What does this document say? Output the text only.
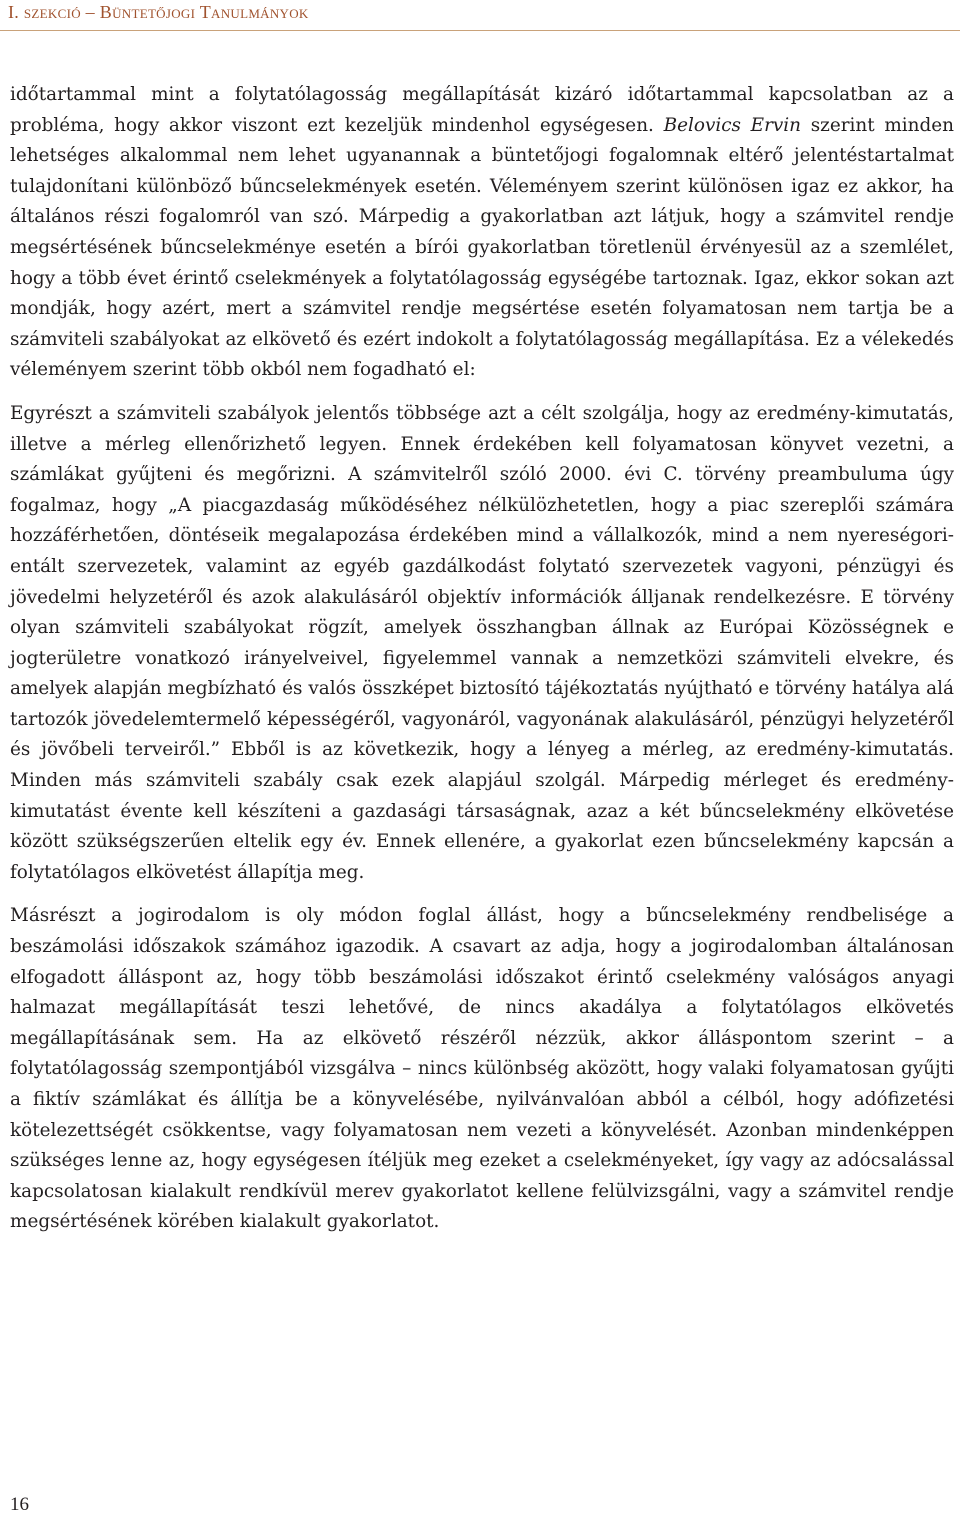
I. szekció – Büntetőjogi Tanulmányok

időtartammal mint a folytatólagosság megállapítását kizáró időtartammal kapcsolatban az a probléma, hogy akkor viszont ezt kezeljük mindenhol egységesen. Belovics Ervin szerint minden lehetséges alkalommal nem lehet ugyanannak a büntetőjogi fogalomnak eltérő jelentéstartalmat tulajdonítani különböző bűncselekmények esetén. Véleményem szerint különösen igaz ez akkor, ha általános részi fogalomról van szó. Márpedig a gyakorlatban azt látjuk, hogy a számvitel rendje megsértésének bűncselekménye esetén a bírói gyakorlatban töretlenül érvényesül az a szemlélet, hogy a több évet érintő cselekmények a folytatólagosság egységébe tartoznak. Igaz, ekkor sokan azt mondják, hogy azért, mert a számvitel rendje megsértése esetén folyamatosan nem tartja be a számviteli szabályokat az elkövető és ezért indokolt a folytatólagosság megállapítása. Ez a vélekedés véleményem szerint több okból nem fogadható el:

Egyrészt a számviteli szabályok jelentős többsége azt a célt szolgálja, hogy az eredmény-kimutatás, illetve a mérleg ellenőrizhető legyen. Ennek érdekében kell folyamatosan könyvet vezetni, a számlákat gyűjteni és megőrizni. A számvitelről szóló 2000. évi C. törvény preambuluma úgy fogalmaz, hogy „A piacgazdaság működéséhez nélkülözhetetlen, hogy a piac szereplői számára hozzáférhetően, döntéseik megalapozása érdekében mind a vállalkozók, mind a nem nyereségorientált szervezetek, valamint az egyéb gazdálkodást folytató szervezetek vagyoni, pénzügyi és jövedelmi helyzetéről és azok alakulásáról objektív információk álljanak rendelkezésre. E törvény olyan számviteli szabályokat rögzít, amelyek összhangban állnak az Európai Közösségnek e jogterületre vonatkozó irányelveivel, figyelemmel vannak a nemzetközi számviteli elvekre, és amelyek alapján megbízható és valós összképet biztosító tájékoztatás nyújtható e törvény hatálya alá tartozók jövedelemtermelő képességéről, vagyonáról, vagyonának alakulásáról, pénzügyi helyzetéről és jövőbeli terveiről.” Ebből is az következik, hogy a lényeg a mérleg, az eredmény-kimutatás. Minden más számviteli szabály csak ezek alapjául szolgál. Márpedig mérleget és eredmény-kimutatást évente kell készíteni a gazdasági társaságnak, azaz a két bűncselekmény elkövetése között szükségszerűen eltelik egy év. Ennek ellenére, a gyakorlat ezen bűncselekmény kapcsán a folytatólagos elkövetést állapítja meg.

Másrészt a jogirodalom is oly módon foglal állást, hogy a bűncselekmény rendbelisége a beszámolási időszakok számához igazodik. A csavart az adja, hogy a jogirodalomban általánosan elfogadott álláspont az, hogy több beszámolási időszakot érintő cselekmény valóságos anyagi halmazat megállapítását teszi lehetővé, de nincs akadálya a folytatólagos elkövetés megállapításának sem. Ha az elkövető részéről nézzük, akkor álláspontom szerint – a folytatólagosság szempontjából vizsgálva – nincs különbség aközött, hogy valaki folyamatosan gyűjti a fiktív számlákat és állítja be a könyvelésébe, nyilvánvalóan abból a célból, hogy adófizetési kötelezettségét csökkentse, vagy folyamatosan nem vezeti a könyvelését. Azonban mindenképpen szükséges lenne az, hogy egységesen ítéljük meg ezeket a cselekményeket, így vagy az adócsalással kapcsolatosan kialakult rendkívül merev gyakorlatot kellene felülvizsgálni, vagy a számvitel rendje megsértésének körében kialakult gyakorlatot.

16
